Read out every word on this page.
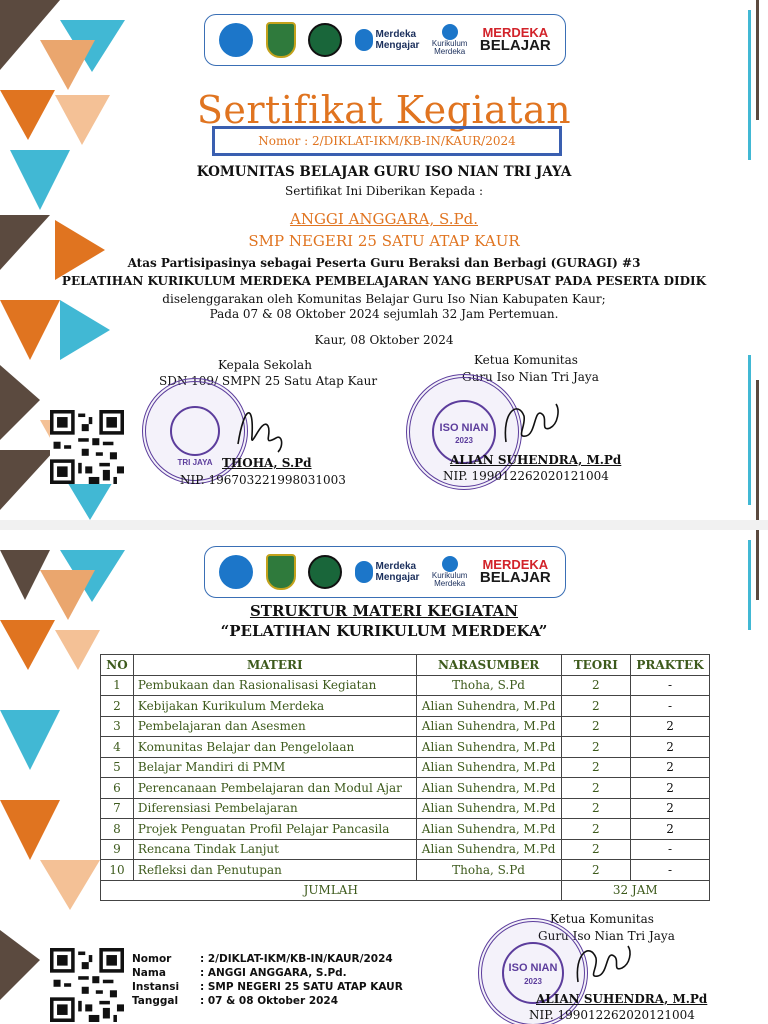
Merdeka
Mengajar Kurikulum
Merdeka
MERDEKA
BELAJAR
Sertifikat Kegiatan
Nomor : 2/DIKLAT-IKM/KB-IN/KAUR/2024
KOMUNITAS BELAJAR GURU ISO NIAN TRI JAYA
Sertifikat Ini Diberikan Kepada :
ANGGI ANGGARA, S.Pd.
SMP NEGERI 25 SATU ATAP KAUR
Atas Partisipasinya sebagai Peserta Guru Beraksi dan Berbagi (GURAGI) #3
PELATIHAN KURIKULUM MERDEKA PEMBELAJARAN YANG BERPUSAT PADA PESERTA DIDIK
diselenggarakan oleh Komunitas Belajar Guru Iso Nian Kabupaten Kaur;
Pada 07 & 08 Oktober 2024 sejumlah 32 Jam Pertemuan.
Kaur, 08 Oktober 2024
Kepala Sekolah
SDN 109/ SMPN 25 Satu Atap Kaur
TRI JAYA THOHA, S.Pd
NIP. 196703221998031003
Ketua Komunitas
Guru Iso Nian Tri Jaya
ISO NIAN
2023
ALIAN SUHENDRA, M.Pd
NIP. 199012262020121004
Merdeka
Mengajar Kurikulum
Merdeka
MERDEKA
BELAJAR
STRUKTUR MATERI KEGIATAN
“PELATIHAN KURIKULUM MERDEKA”
NO	MATERI	NARASUMBER	TEORI	PRAKTEK
1	Pembukaan dan Rasionalisasi Kegiatan	Thoha, S.Pd	2	-
2	Kebijakan Kurikulum Merdeka	Alian Suhendra, M.Pd	2	-
3	Pembelajaran dan Asesmen	Alian Suhendra, M.Pd	2	2
4	Komunitas Belajar dan Pengelolaan	Alian Suhendra, M.Pd	2	2
5	Belajar Mandiri di PMM	Alian Suhendra, M.Pd	2	2
6	Perencanaan Pembelajaran dan Modul Ajar	Alian Suhendra, M.Pd	2	2
7	Diferensiasi Pembelajaran	Alian Suhendra, M.Pd	2	2
8	Projek Penguatan Profil Pelajar Pancasila	Alian Suhendra, M.Pd	2	2
9	Rencana Tindak Lanjut	Alian Suhendra, M.Pd	2	-
10	Refleksi dan Penutupan	Thoha, S.Pd	2	-
JUMLAH			32 JAM	
Ketua Komunitas
Guru Iso Nian Tri Jaya
ISO NIAN
2023
ALIAN SUHENDRA, M.Pd
NIP. 199012262020121004
Nomor	: 2/DIKLAT-IKM/KB-IN/KAUR/2024
Nama	: ANGGI ANGGARA, S.Pd.
Instansi	: SMP NEGERI 25 SATU ATAP KAUR
Tanggal	: 07 & 08 Oktober 2024
